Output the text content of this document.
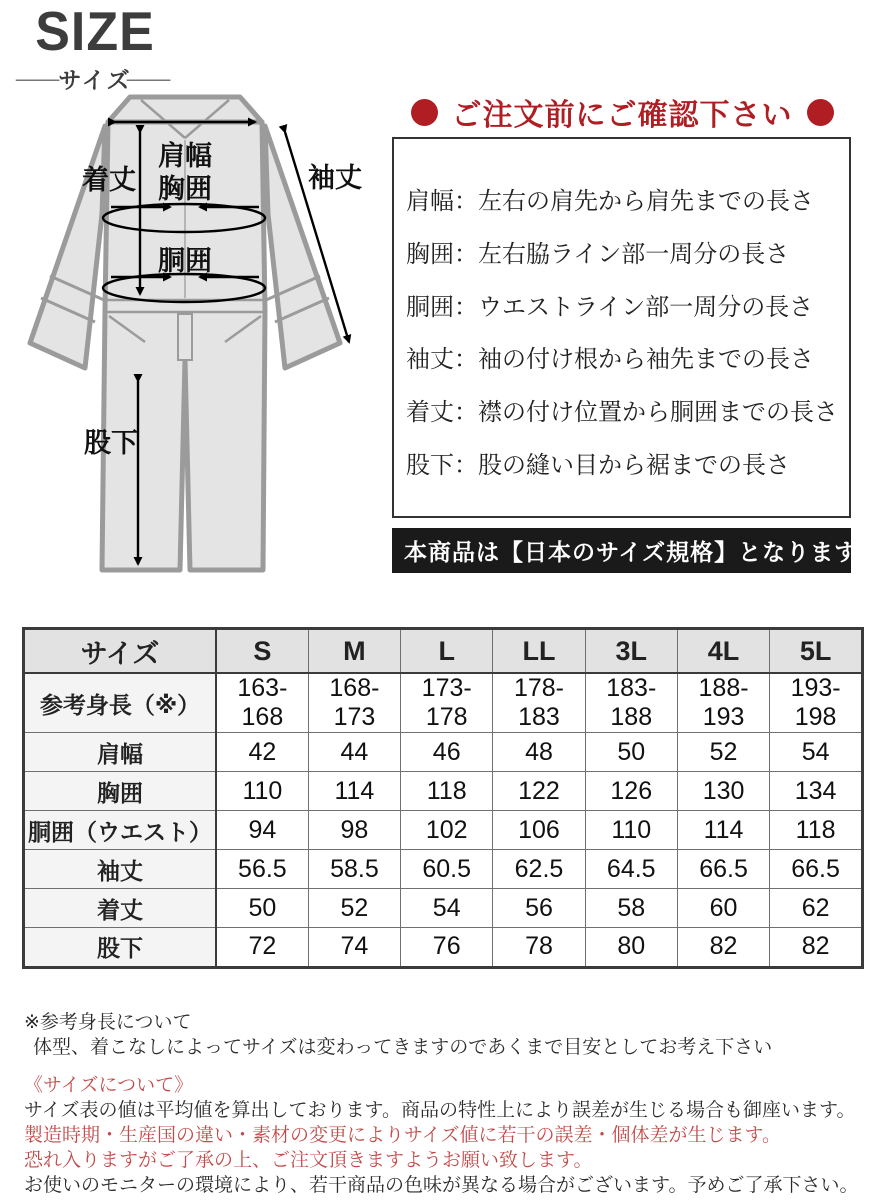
SIZE
―
サイズ
―
肩幅
着丈 胸囲	袖丈
胴囲
股下
ご注文前にご確認下さい
肩幅：左右の肩先から肩先までの長さ
胸囲：左右脇ライン部一周分の長さ
胴囲：ウエストライン部一周分の長さ
袖丈：袖の付け根から袖先までの長さ
着丈：襟の付け位置から胴囲までの長さ
股下：股の縫い目から裾までの長さ
本商品は【日本のサイズ規格】となります
サイズ	S	M	L	LL	3L	4L	5L
参考身長（※）	163-168	168-173	173-178	178-183	183-188	188-193	193-198
肩幅	42	44	46	48	50	52	54
胸囲	110	114	118	122	126	130	134
胴囲（ウエスト）	94	98	102	106	110	114	118
袖丈	56.5	58.5	60.5	62.5	64.5	66.5	66.5
着丈	50	52	54	56	58	60	62
股下	72	74	76	78	80	82	82
※参考身長について
体型、着こなしによってサイズは変わってきますのであくまで目安としてお考え下さい
《サイズについて》
サイズ表の値は平均値を算出しております。商品の特性上により誤差が生じる場合も御座います。
製造時期・生産国の違い・素材の変更によりサイズ値に若干の誤差・個体差が生じます。
恐れ入りますがご了承の上、ご注文頂きますようお願い致します。
お使いのモニターの環境により、若干商品の色味が異なる場合がございます。予めご了承下さい。
